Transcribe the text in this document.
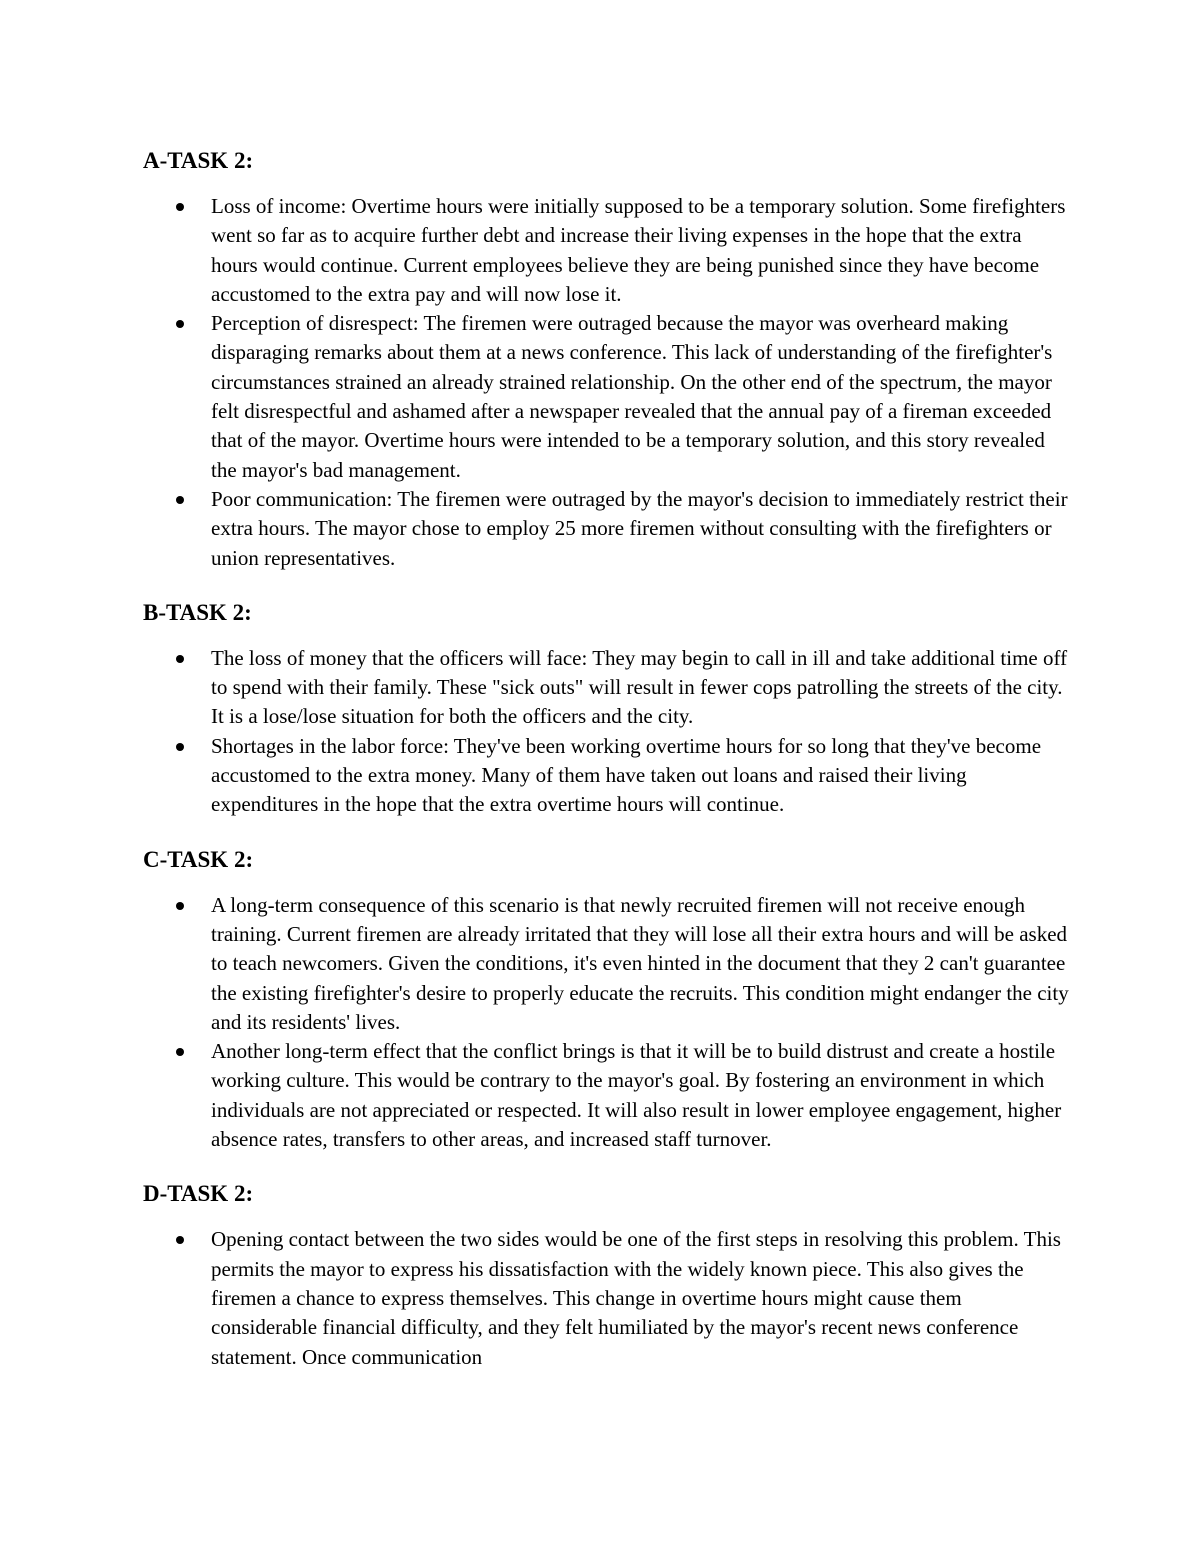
A-TASK 2:
Loss of income: Overtime hours were initially supposed to be a temporary solution. Some firefighters went so far as to acquire further debt and increase their living expenses in the hope that the extra hours would continue. Current employees believe they are being punished since they have become accustomed to the extra pay and will now lose it.
Perception of disrespect: The firemen were outraged because the mayor was overheard making disparaging remarks about them at a news conference. This lack of understanding of the firefighter's circumstances strained an already strained relationship. On the other end of the spectrum, the mayor felt disrespectful and ashamed after a newspaper revealed that the annual pay of a fireman exceeded that of the mayor. Overtime hours were intended to be a temporary solution, and this story revealed the mayor's bad management.
Poor communication: The firemen were outraged by the mayor's decision to immediately restrict their extra hours. The mayor chose to employ 25 more firemen without consulting with the firefighters or union representatives.
B-TASK 2:
The loss of money that the officers will face: They may begin to call in ill and take additional time off to spend with their family. These "sick outs" will result in fewer cops patrolling the streets of the city. It is a lose/lose situation for both the officers and the city.
Shortages in the labor force: They've been working overtime hours for so long that they've become accustomed to the extra money. Many of them have taken out loans and raised their living expenditures in the hope that the extra overtime hours will continue.
C-TASK 2:
A long-term consequence of this scenario is that newly recruited firemen will not receive enough training. Current firemen are already irritated that they will lose all their extra hours and will be asked to teach newcomers. Given the conditions, it's even hinted in the document that they 2 can't guarantee the existing firefighter's desire to properly educate the recruits. This condition might endanger the city and its residents' lives.
Another long-term effect that the conflict brings is that it will be to build distrust and create a hostile working culture. This would be contrary to the mayor's goal. By fostering an environment in which individuals are not appreciated or respected. It will also result in lower employee engagement, higher absence rates, transfers to other areas, and increased staff turnover.
D-TASK 2:
Opening contact between the two sides would be one of the first steps in resolving this problem. This permits the mayor to express his dissatisfaction with the widely known piece. This also gives the firemen a chance to express themselves. This change in overtime hours might cause them considerable financial difficulty, and they felt humiliated by the mayor's recent news conference statement. Once communication
